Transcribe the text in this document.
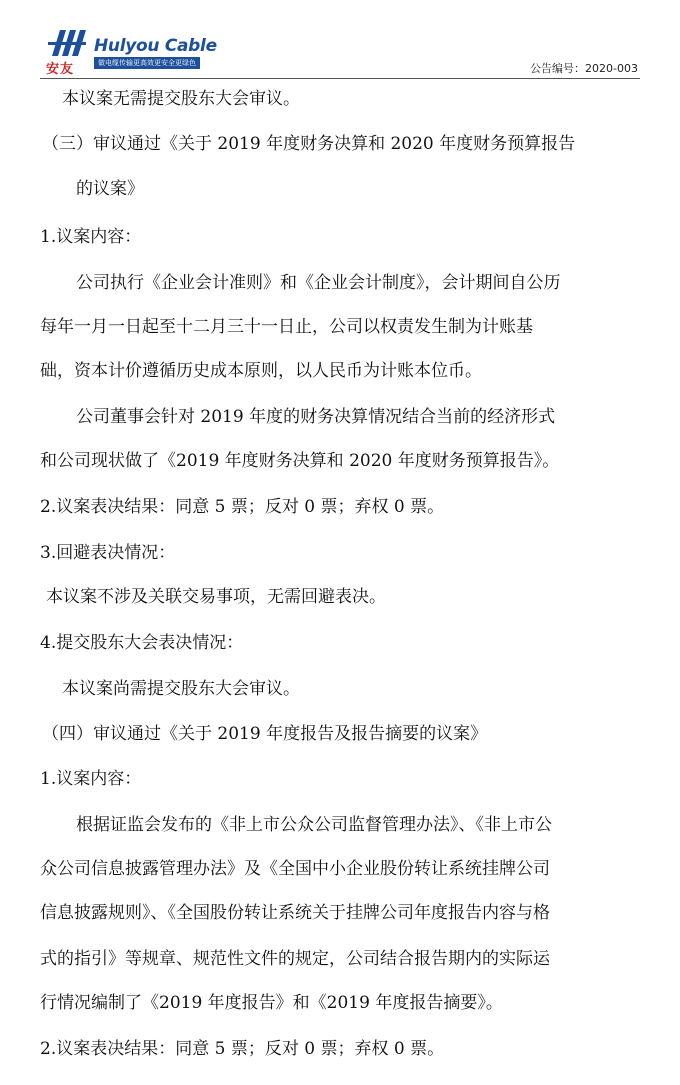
安友
Hulyou Cable
做电缆传输更高效更安全更绿色	公告编号：2020-003
本议案无需提交股东大会审议。
（三）审议通过《关于 2019 年度财务决算和 2020 年度财务预算报告
的议案》
1.议案内容：
公司执行《企业会计准则》和《企业会计制度》，会计期间自公历
每年一月一日起至十二月三十一日止，公司以权责发生制为计账基
础，资本计价遵循历史成本原则，以人民币为计账本位币。
公司董事会针对 2019 年度的财务决算情况结合当前的经济形式
和公司现状做了《2019 年度财务决算和 2020 年度财务预算报告》。
2.议案表决结果：同意 5 票；反对 0 票；弃权 0 票。
3.回避表决情况：
本议案不涉及关联交易事项，无需回避表决。
4.提交股东大会表决情况：
本议案尚需提交股东大会审议。
（四）审议通过《关于 2019 年度报告及报告摘要的议案》
1.议案内容：
根据证监会发布的《非上市公众公司监督管理办法》、《非上市公
众公司信息披露管理办法》及《全国中小企业股份转让系统挂牌公司
信息披露规则》、《全国股份转让系统关于挂牌公司年度报告内容与格
式的指引》等规章、规范性文件的规定，公司结合报告期内的实际运
行情况编制了《2019 年度报告》和《2019 年度报告摘要》。
2.议案表决结果：同意 5 票；反对 0 票；弃权 0 票。
